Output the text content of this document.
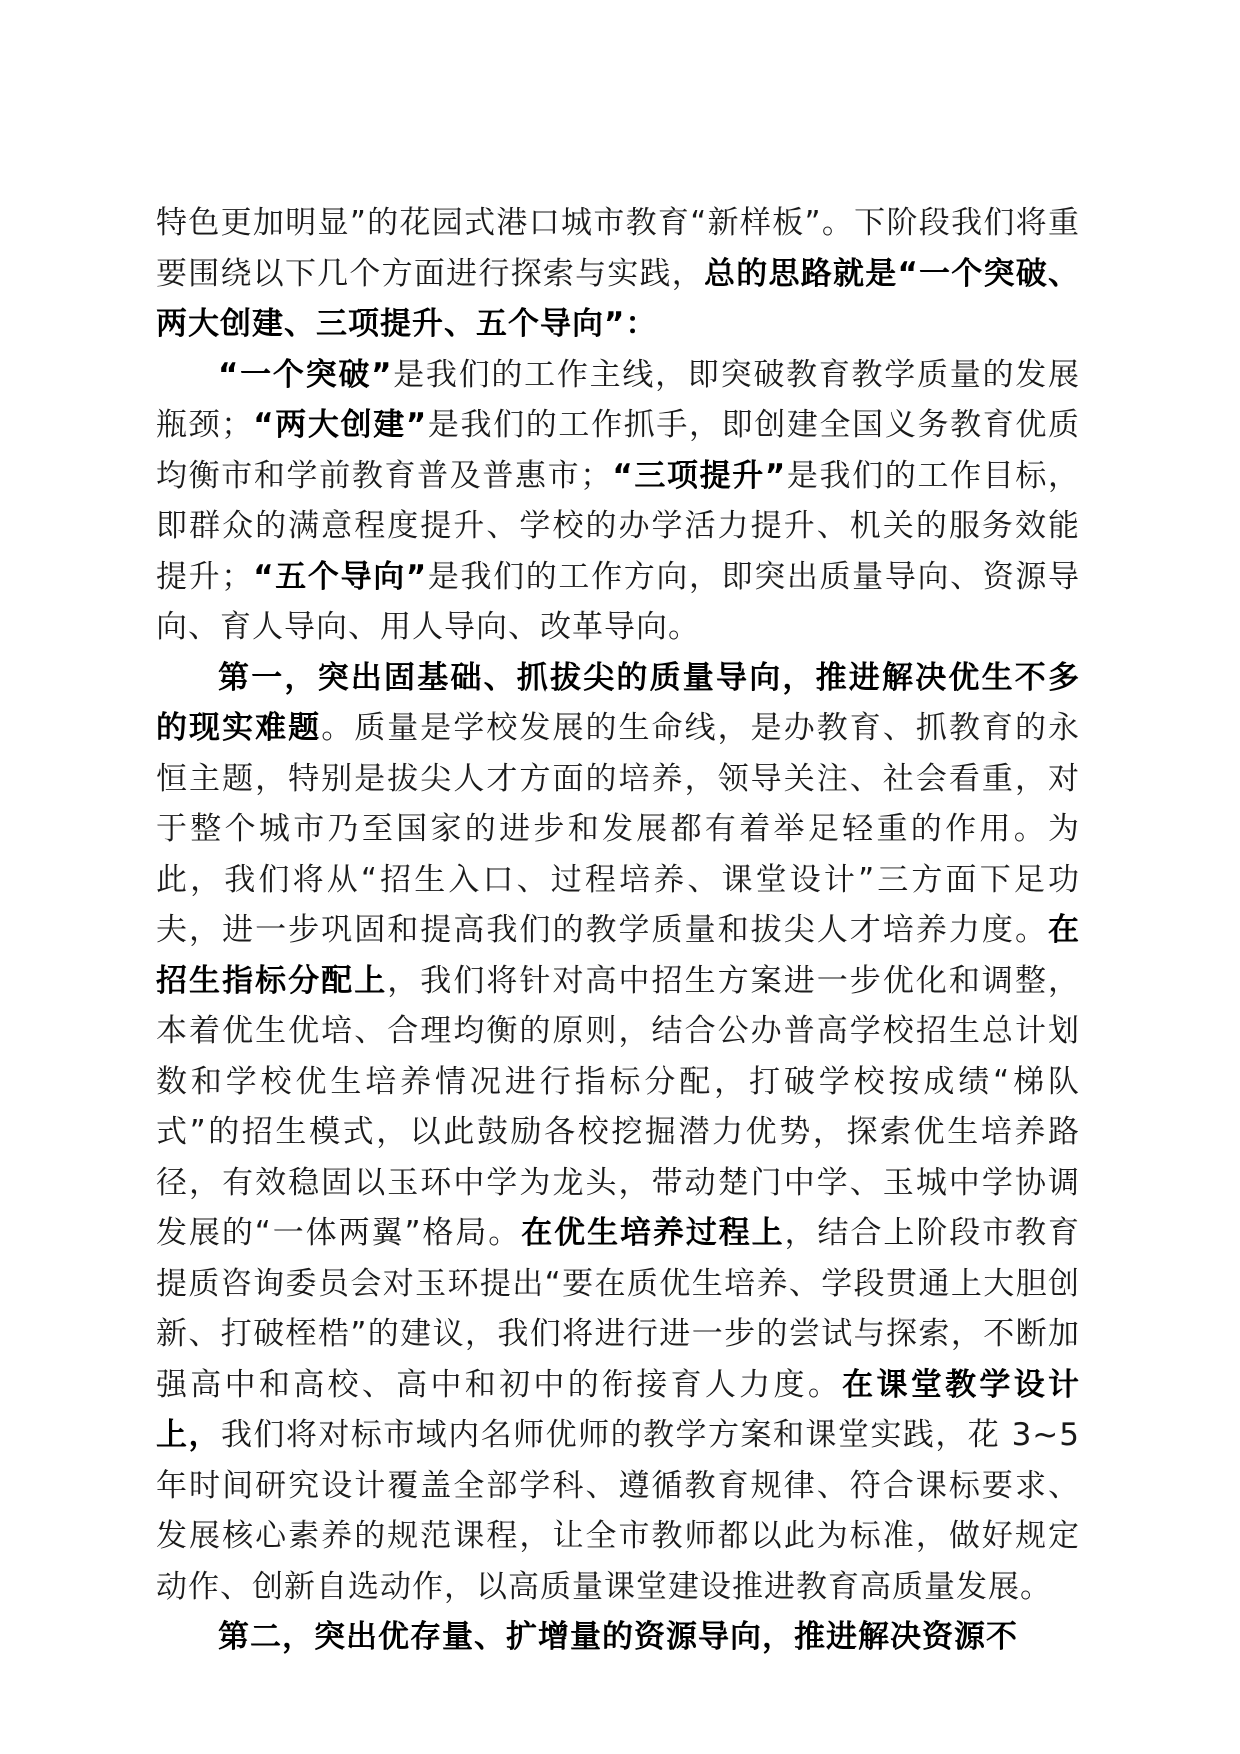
特色更加明显”的花园式港口城市教育“新样板”。下阶段我们将重要围绕以下几个方面进行探索与实践，总的思路就是“一个突破、两大创建、三项提升、五个导向”：

“一个突破”是我们的工作主线，即突破教育教学质量的发展瓶颈；“两大创建”是我们的工作抓手，即创建全国义务教育优质均衡市和学前教育普及普惠市；“三项提升”是我们的工作目标，即群众的满意程度提升、学校的办学活力提升、机关的服务效能提升；“五个导向”是我们的工作方向，即突出质量导向、资源导向、育人导向、用人导向、改革导向。

第一，突出固基础、抓拔尖的质量导向，推进解决优生不多的现实难题。质量是学校发展的生命线，是办教育、抓教育的永恒主题，特别是拔尖人才方面的培养，领导关注、社会看重，对于整个城市乃至国家的进步和发展都有着举足轻重的作用。为此，我们将从“招生入口、过程培养、课堂设计”三方面下足功夫，进一步巩固和提高我们的教学质量和拔尖人才培养力度。在招生指标分配上，我们将针对高中招生方案进一步优化和调整，本着优生优培、合理均衡的原则，结合公办普高学校招生总计划数和学校优生培养情况进行指标分配，打破学校按成绩“梯队式”的招生模式，以此鼓励各校挖掘潜力优势，探索优生培养路径，有效稳固以玉环中学为龙头，带动楚门中学、玉城中学协调发展的“一体两翼”格局。在优生培养过程上，结合上阶段市教育提质咨询委员会对玉环提出“要在质优生培养、学段贯通上大胆创新、打破桎梏”的建议，我们将进行进一步的尝试与探索，不断加强高中和高校、高中和初中的衔接育人力度。在课堂教学设计上，我们将对标市域内名师优师的教学方案和课堂实践，花 3~5 年时间研究设计覆盖全部学科、遵循教育规律、符合课标要求、发展核心素养的规范课程，让全市教师都以此为标准，做好规定动作、创新自选动作，以高质量课堂建设推进教育高质量发展。

第二，突出优存量、扩增量的资源导向，推进解决资源不
